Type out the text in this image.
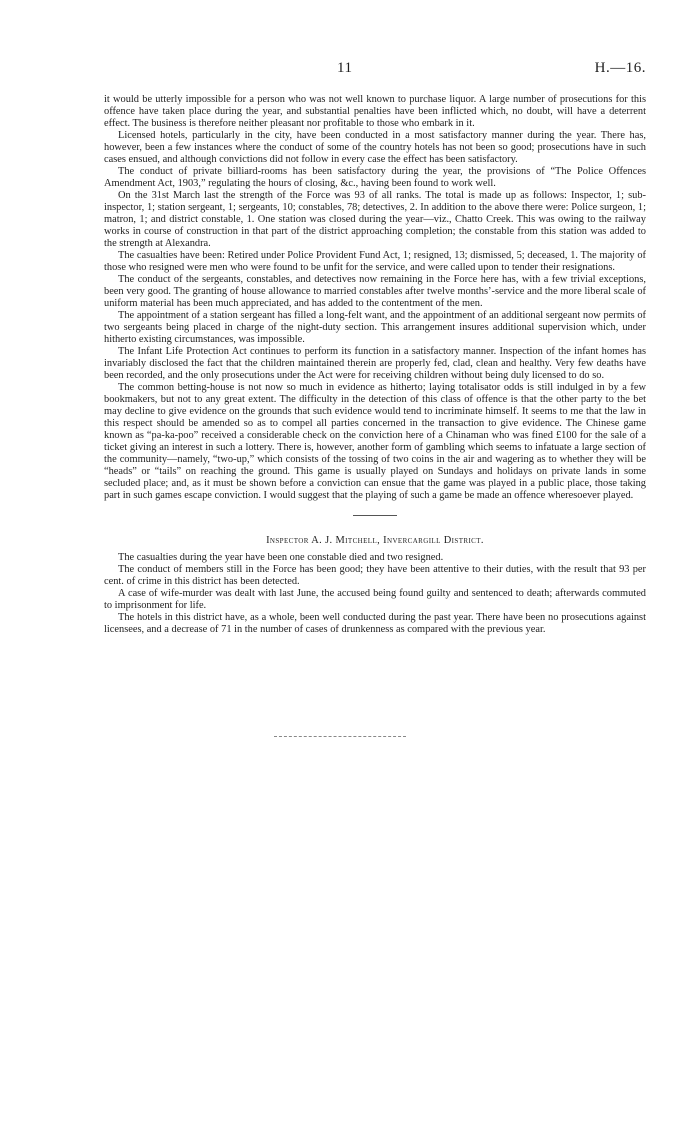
11	H.—16.

it would be utterly impossible for a person who was not well known to purchase liquor. A large number of prosecutions for this offence have taken place during the year, and substantial penalties have been inflicted which, no doubt, will have a deterrent effect. The business is therefore neither pleasant nor profitable to those who embark in it.

Licensed hotels, particularly in the city, have been conducted in a most satisfactory manner during the year. There has, however, been a few instances where the conduct of some of the country hotels has not been so good; prosecutions have in such cases ensued, and although convictions did not follow in every case the effect has been satisfactory.

The conduct of private billiard-rooms has been satisfactory during the year, the provisions of “The Police Offences Amendment Act, 1903,” regulating the hours of closing, &c., having been found to work well.

On the 31st March last the strength of the Force was 93 of all ranks. The total is made up as follows: Inspector, 1; sub-inspector, 1; station sergeant, 1; sergeants, 10; constables, 78; detectives, 2. In addition to the above there were: Police surgeon, 1; matron, 1; and district constable, 1. One station was closed during the year—viz., Chatto Creek. This was owing to the railway works in course of construction in that part of the district approaching completion; the constable from this station was added to the strength at Alexandra.

The casualties have been: Retired under Police Provident Fund Act, 1; resigned, 13; dismissed, 5; deceased, 1. The majority of those who resigned were men who were found to be unfit for the service, and were called upon to tender their resignations.

The conduct of the sergeants, constables, and detectives now remaining in the Force here has, with a few trivial exceptions, been very good. The granting of house allowance to married constables after twelve months’-service and the more liberal scale of uniform material has been much appreciated, and has added to the contentment of the men.

The appointment of a station sergeant has filled a long-felt want, and the appointment of an additional sergeant now permits of two sergeants being placed in charge of the night-duty section. This arrangement insures additional supervision which, under hitherto existing circumstances, was impossible.

The Infant Life Protection Act continues to perform its function in a satisfactory manner. Inspection of the infant homes has invariably disclosed the fact that the children maintained therein are properly fed, clad, clean and healthy. Very few deaths have been recorded, and the only prosecutions under the Act were for receiving children without being duly licensed to do so.

The common betting-house is not now so much in evidence as hitherto; laying totalisator odds is still indulged in by a few bookmakers, but not to any great extent. The difficulty in the detection of this class of offence is that the other party to the bet may decline to give evidence on the grounds that such evidence would tend to incriminate himself. It seems to me that the law in this respect should be amended so as to compel all parties concerned in the transaction to give evidence. The Chinese game known as “pa-ka-poo” received a considerable check on the conviction here of a Chinaman who was fined £100 for the sale of a ticket giving an interest in such a lottery. There is, however, another form of gambling which seems to infatuate a large section of the community—namely, “two-up,” which consists of the tossing of two coins in the air and wagering as to whether they will be “heads” or “tails” on reaching the ground. This game is usually played on Sundays and holidays on private lands in some secluded place; and, as it must be shown before a conviction can ensue that the game was played in a public place, those taking part in such games escape conviction. I would suggest that the playing of such a game be made an offence wheresoever played.

Inspector A. J. Mitchell, Invercargill District.

The casualties during the year have been one constable died and two resigned.

The conduct of members still in the Force has been good; they have been attentive to their duties, with the result that 93 per cent. of crime in this district has been detected.

A case of wife-murder was dealt with last June, the accused being found guilty and sentenced to death; afterwards commuted to imprisonment for life.

The hotels in this district have, as a whole, been well conducted during the past year. There have been no prosecutions against licensees, and a decrease of 71 in the number of cases of drunkenness as compared with the previous year.
